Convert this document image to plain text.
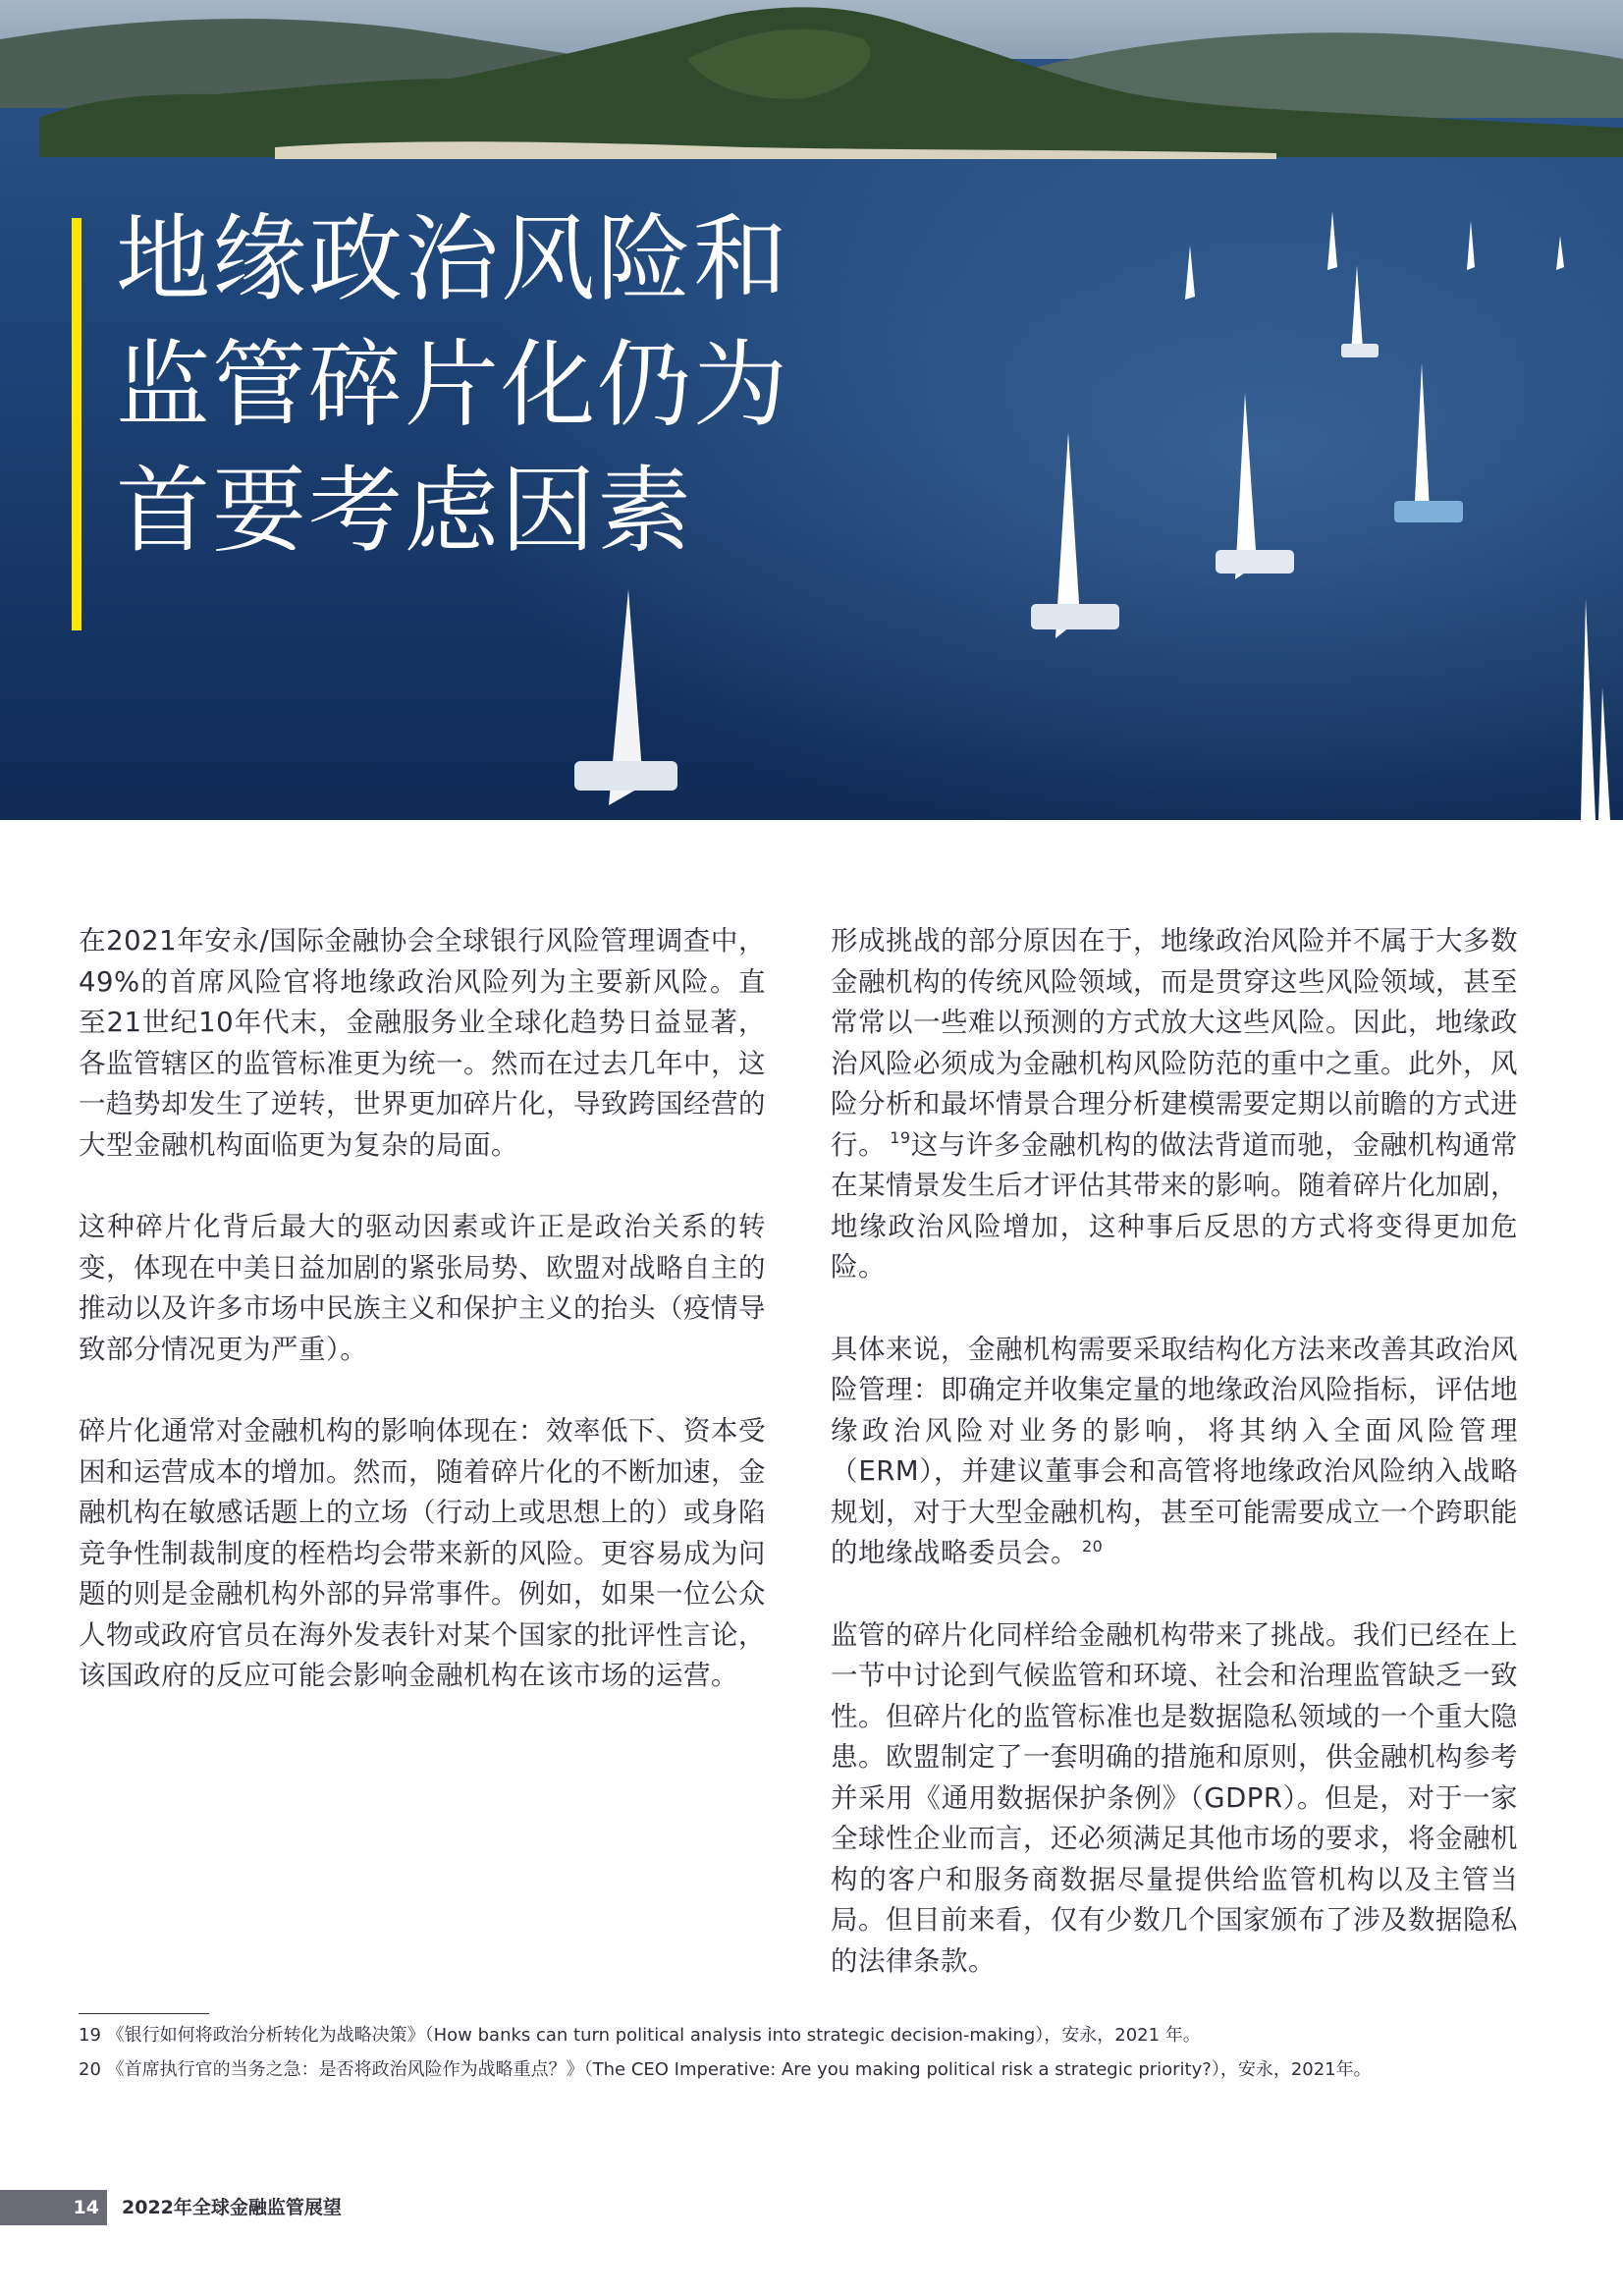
地缘政治风险和
监管碎片化仍为
首要考虑因素

在2021年安永/国际金融协会全球银行风险管理调查中，49%的首席风险官将地缘政治风险列为主要新风险。直至21世纪10年代末，金融服务业全球化趋势日益显著，各监管辖区的监管标准更为统一。然而在过去几年中，这一趋势却发生了逆转，世界更加碎片化，导致跨国经营的大型金融机构面临更为复杂的局面。

这种碎片化背后最大的驱动因素或许正是政治关系的转变，体现在中美日益加剧的紧张局势、欧盟对战略自主的推动以及许多市场中民族主义和保护主义的抬头（疫情导致部分情况更为严重）。

碎片化通常对金融机构的影响体现在：效率低下、资本受困和运营成本的增加。然而，随着碎片化的不断加速，金融机构在敏感话题上的立场（行动上或思想上的）或身陷竞争性制裁制度的桎梏均会带来新的风险。更容易成为问题的则是金融机构外部的异常事件。例如，如果一位公众人物或政府官员在海外发表针对某个国家的批评性言论，该国政府的反应可能会影响金融机构在该市场的运营。

形成挑战的部分原因在于，地缘政治风险并不属于大多数金融机构的传统风险领域，而是贯穿这些风险领域，甚至常常以一些难以预测的方式放大这些风险。因此，地缘政治风险必须成为金融机构风险防范的重中之重。此外，风险分析和最坏情景合理分析建模需要定期以前瞻的方式进行。 $^{19}$这与许多金融机构的做法背道而驰，金融机构通常在某情景发生后才评估其带来的影响。随着碎片化加剧，地缘政治风险增加，这种事后反思的方式将变得更加危险。

具体来说，金融机构需要采取结构化方法来改善其政治风险管理：即确定并收集定量的地缘政治风险指标，评估地缘政治风险对业务的影响，将其纳入全面风险管理（ERM），并建议董事会和高管将地缘政治风险纳入战略规划，对于大型金融机构，甚至可能需要成立一个跨职能的地缘战略委员会。 $^{20}$

监管的碎片化同样给金融机构带来了挑战。我们已经在上一节中讨论到气候监管和环境、社会和治理监管缺乏一致性。但碎片化的监管标准也是数据隐私领域的一个重大隐患。欧盟制定了一套明确的措施和原则，供金融机构参考并采用《通用数据保护条例》（GDPR）。但是，对于一家全球性企业而言，还必须满足其他市场的要求，将金融机构的客户和服务商数据尽量提供给监管机构以及主管当局。但目前来看，仅有少数几个国家颁布了涉及数据隐私的法律条款。

19 《银行如何将政治分析转化为战略决策》（How banks can turn political analysis into strategic decision-making），安永，2021 年。
20 《首席执行官的当务之急：是否将政治风险作为战略重点？》（The CEO Imperative: Are you making political risk a strategic priority?），安永，2021年。
14	2022年全球金融监管展望
